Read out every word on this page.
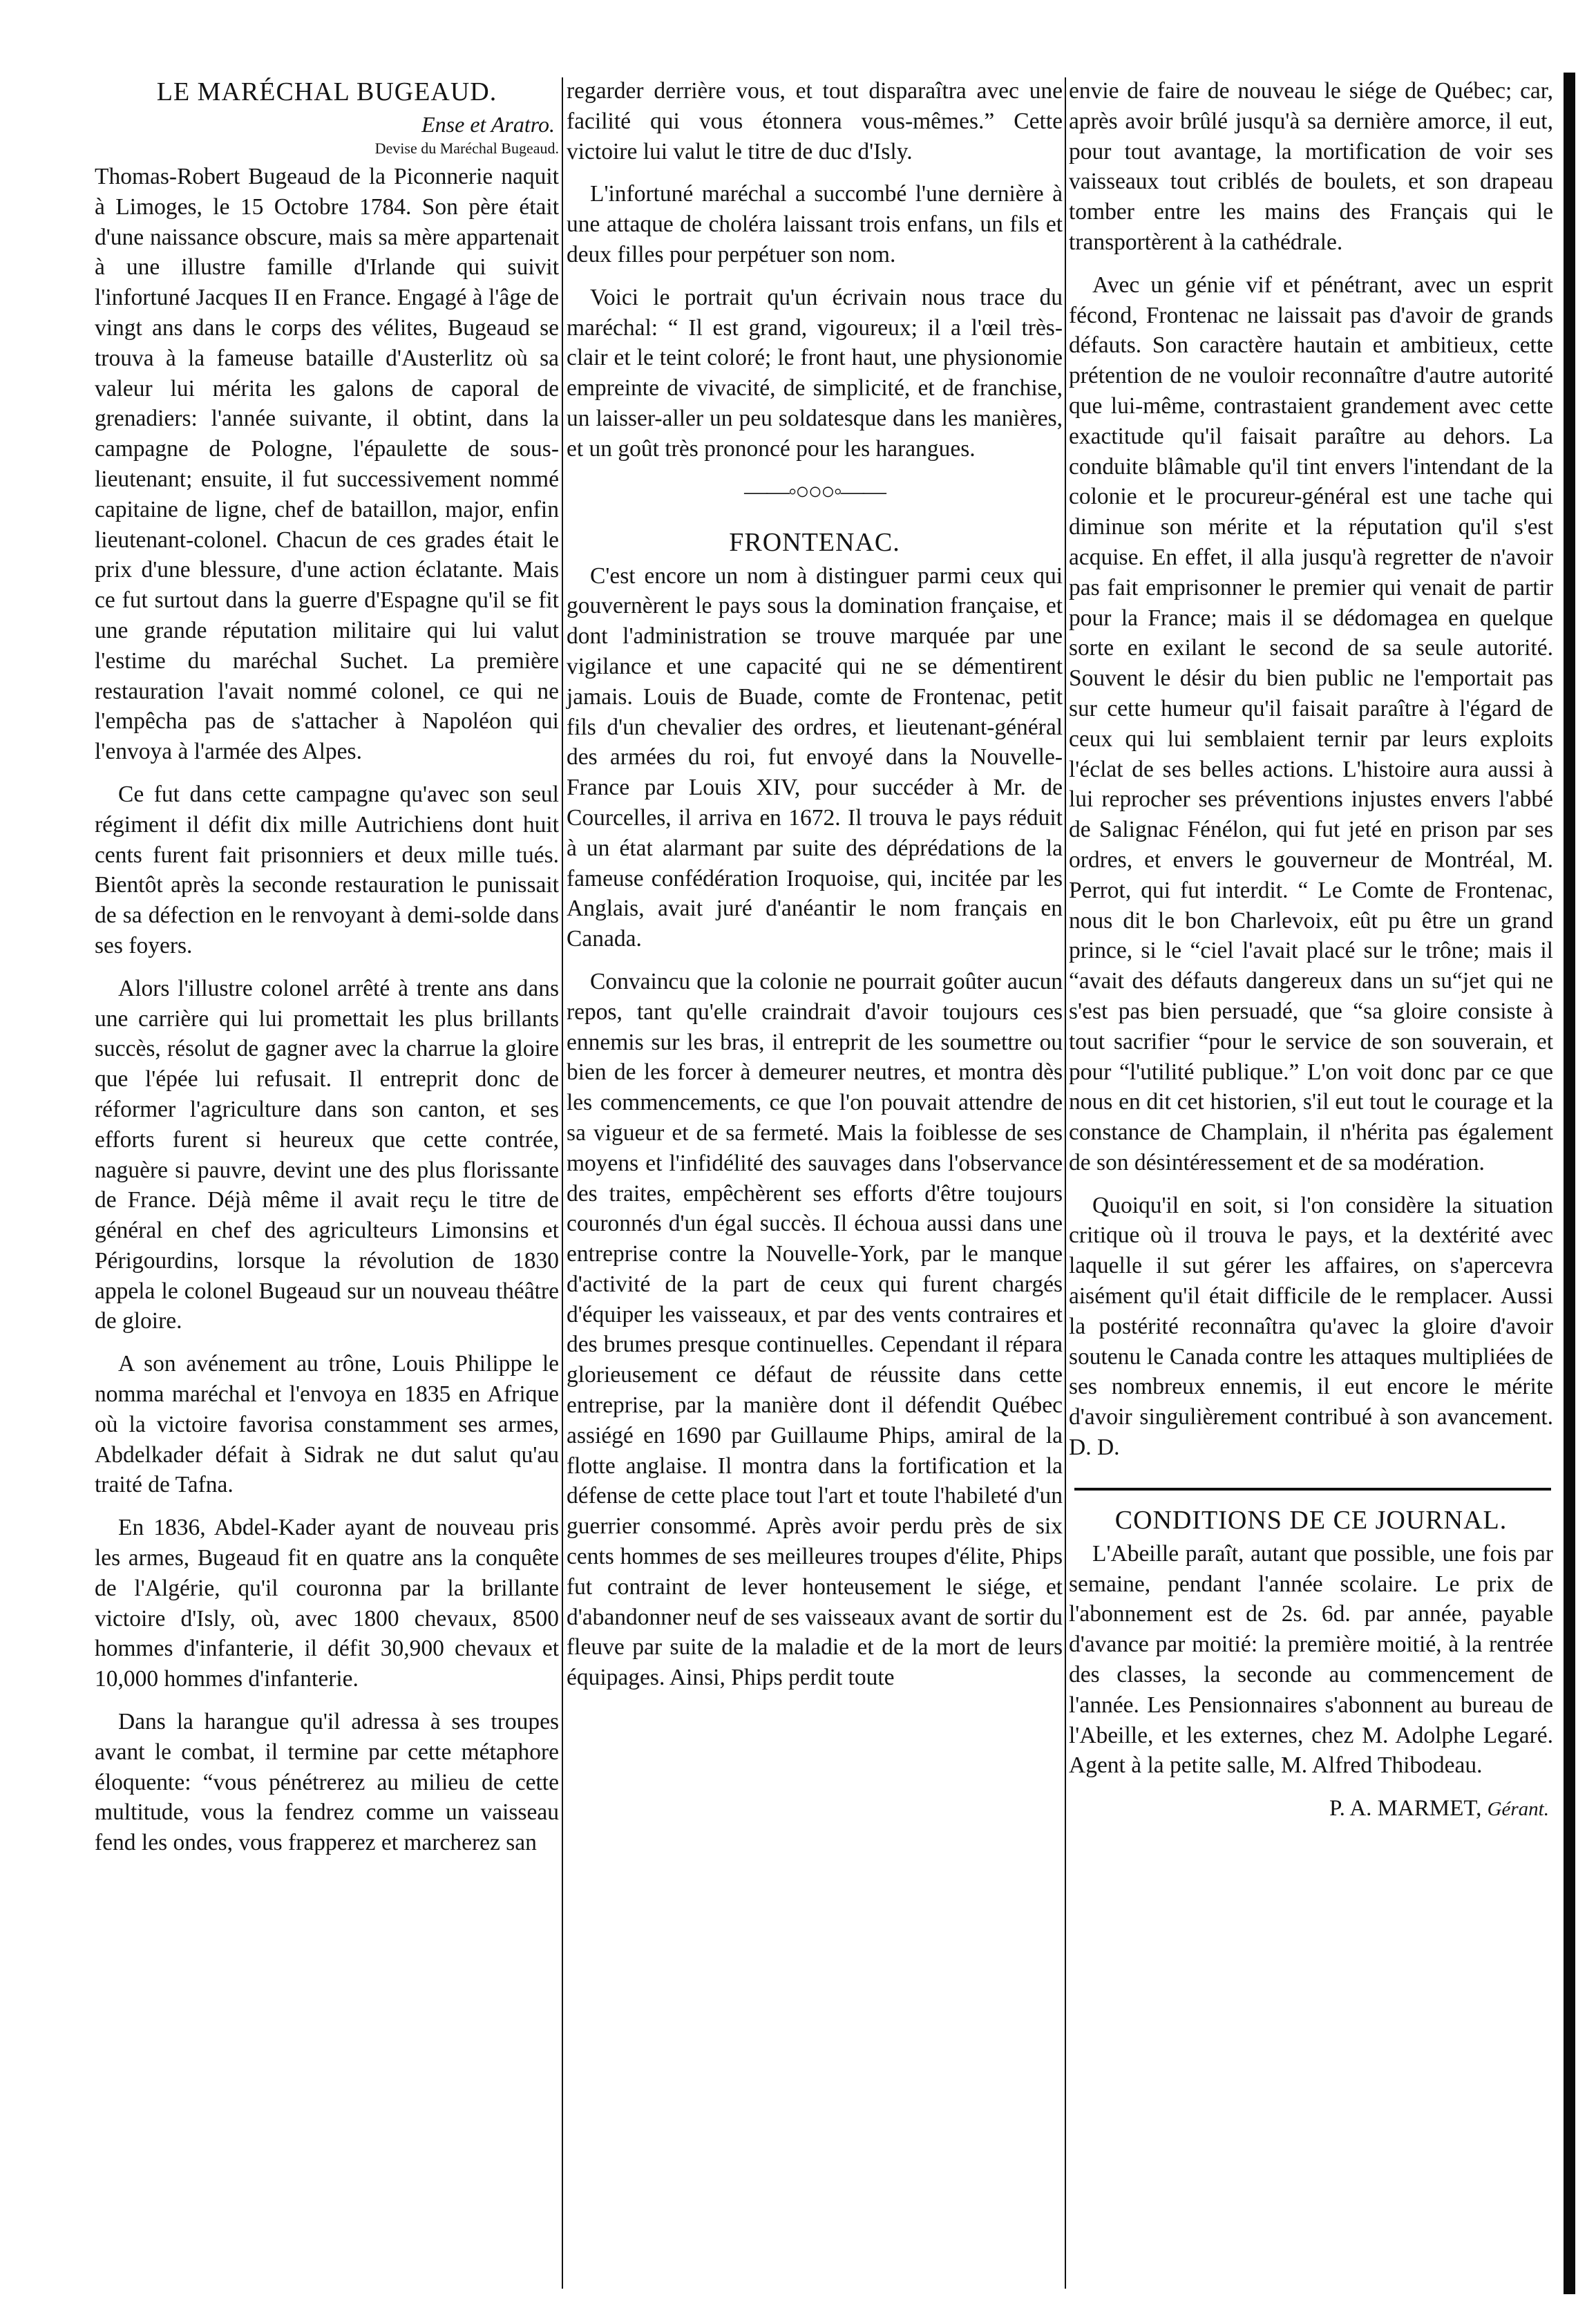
LE MARÉCHAL BUGEAUD.
Ense et Aratro.
Devise du Maréchal Bugeaud.

Thomas-Robert Bugeaud de la Piconnerie naquit à Limoges, le 15 Octobre 1784. Son père était d'une naissance obscure, mais sa mère appartenait à une illustre famille d'Irlande qui suivit l'infortuné Jacques II en France. Engagé à l'âge de vingt ans dans le corps des vélites, Bugeaud se trouva à la fameuse bataille d'Austerlitz où sa valeur lui mérita les galons de caporal de grenadiers: l'année suivante, il obtint, dans la campagne de Pologne, l'épaulette de sous-lieutenant; ensuite, il fut successivement nommé capitaine de ligne, chef de bataillon, major, enfin lieutenant-colonel. Chacun de ces grades était le prix d'une blessure, d'une action éclatante. Mais ce fut surtout dans la guerre d'Espagne qu'il se fit une grande réputation militaire qui lui valut l'estime du maréchal Suchet. La première restauration l'avait nommé colonel, ce qui ne l'empêcha pas de s'attacher à Napoléon qui l'envoya à l'armée des Alpes.

Ce fut dans cette campagne qu'avec son seul régiment il défit dix mille Autrichiens dont huit cents furent fait prisonniers et deux mille tués. Bientôt après la seconde restauration le punissait de sa défection en le renvoyant à demi-solde dans ses foyers.

Alors l'illustre colonel arrêté à trente ans dans une carrière qui lui promettait les plus brillants succès, résolut de gagner avec la charrue la gloire que l'épée lui refusait. Il entreprit donc de réformer l'agriculture dans son canton, et ses efforts furent si heureux que cette contrée, naguère si pauvre, devint une des plus florissante de France. Déjà même il avait reçu le titre de général en chef des agriculteurs Limonsins et Périgourdins, lorsque la révolution de 1830 appela le colonel Bugeaud sur un nouveau théâtre de gloire.

A son avénement au trône, Louis Philippe le nomma maréchal et l'envoya en 1835 en Afrique où la victoire favorisa constamment ses armes, Abdelkader défait à Sidrak ne dut salut qu'au traité de Tafna.

En 1836, Abdel-Kader ayant de nouveau pris les armes, Bugeaud fit en quatre ans la conquête de l'Algérie, qu'il couronna par la brillante victoire d'Isly, où, avec 1800 chevaux, 8500 hommes d'infanterie, il défit 30,900 chevaux et 10,000 hommes d'infanterie.

Dans la harangue qu'il adressa à ses troupes avant le combat, il termine par cette métaphore éloquente: “vous pénétrerez au milieu de cette multitude, vous la fendrez comme un vaisseau fend les ondes, vous frapperez et marcherez san

regarder derrière vous, et tout disparaîtra avec une facilité qui vous étonnera vous-mêmes.” Cette victoire lui valut le titre de duc d'Isly.

L'infortuné maréchal a succombé l'une dernière à une attaque de choléra laissant trois enfans, un fils et deux filles pour perpétuer son nom.

Voici le portrait qu'un écrivain nous trace du maréchal: “ Il est grand, vigoureux; il a l'œil très-clair et le teint coloré; le front haut, une physionomie empreinte de vivacité, de simplicité, et de franchise, un laisser-aller un peu soldatesque dans les manières, et un goût très prononcé pour les harangues.

——◦○○○◦——
FRONTENAC.

C'est encore un nom à distinguer parmi ceux qui gouvernèrent le pays sous la domination française, et dont l'administration se trouve marquée par une vigilance et une capacité qui ne se démentirent jamais. Louis de Buade, comte de Frontenac, petit fils d'un chevalier des ordres, et lieutenant-général des armées du roi, fut envoyé dans la Nouvelle-France par Louis XIV, pour succéder à Mr. de Courcelles, il arriva en 1672. Il trouva le pays réduit à un état alarmant par suite des déprédations de la fameuse confédération Iroquoise, qui, incitée par les Anglais, avait juré d'anéantir le nom français en Canada.

Convaincu que la colonie ne pourrait goûter aucun repos, tant qu'elle craindrait d'avoir toujours ces ennemis sur les bras, il entreprit de les soumettre ou bien de les forcer à demeurer neutres, et montra dès les commencements, ce que l'on pouvait attendre de sa vigueur et de sa fermeté. Mais la foiblesse de ses moyens et l'infidélité des sauvages dans l'observance des traites, empêchèrent ses efforts d'être toujours couronnés d'un égal succès. Il échoua aussi dans une entreprise contre la Nouvelle-York, par le manque d'activité de la part de ceux qui furent chargés d'équiper les vaisseaux, et par des vents contraires et des brumes presque continuelles. Cependant il répara glorieusement ce défaut de réussite dans cette entreprise, par la manière dont il défendit Québec assiégé en 1690 par Guillaume Phips, amiral de la flotte anglaise. Il montra dans la fortification et la défense de cette place tout l'art et toute l'habileté d'un guerrier consommé. Après avoir perdu près de six cents hommes de ses meilleures troupes d'élite, Phips fut contraint de lever honteusement le siége, et d'abandonner neuf de ses vaisseaux avant de sortir du fleuve par suite de la maladie et de la mort de leurs équipages. Ainsi, Phips perdit toute

envie de faire de nouveau le siége de Québec; car, après avoir brûlé jusqu'à sa dernière amorce, il eut, pour tout avantage, la mortification de voir ses vaisseaux tout criblés de boulets, et son drapeau tomber entre les mains des Français qui le transportèrent à la cathédrale.

Avec un génie vif et pénétrant, avec un esprit fécond, Frontenac ne laissait pas d'avoir de grands défauts. Son caractère hautain et ambitieux, cette prétention de ne vouloir reconnaître d'autre autorité que lui-même, contrastaient grandement avec cette exactitude qu'il faisait paraître au dehors. La conduite blâmable qu'il tint envers l'intendant de la colonie et le procureur-général est une tache qui diminue son mérite et la réputation qu'il s'est acquise. En effet, il alla jusqu'à regretter de n'avoir pas fait emprisonner le premier qui venait de partir pour la France; mais il se dédomagea en quelque sorte en exilant le second de sa seule autorité. Souvent le désir du bien public ne l'emportait pas sur cette humeur qu'il faisait paraître à l'égard de ceux qui lui semblaient ternir par leurs exploits l'éclat de ses belles actions. L'histoire aura aussi à lui reprocher ses préventions injustes envers l'abbé de Salignac Fénélon, qui fut jeté en prison par ses ordres, et envers le gouverneur de Montréal, M. Perrot, qui fut interdit. “ Le Comte de Frontenac, nous dit le bon Charlevoix, eût pu être un grand prince, si le “ciel l'avait placé sur le trône; mais il “avait des défauts dangereux dans un su“jet qui ne s'est pas bien persuadé, que “sa gloire consiste à tout sacrifier “pour le service de son souverain, et pour “l'utilité publique.” L'on voit donc par ce que nous en dit cet historien, s'il eut tout le courage et la constance de Champlain, il n'hérita pas également de son désintéressement et de sa modération.

Quoiqu'il en soit, si l'on considère la situation critique où il trouva le pays, et la dextérité avec laquelle il sut gérer les affaires, on s'apercevra aisément qu'il était difficile de le remplacer. Aussi la postérité reconnaîtra qu'avec la gloire d'avoir soutenu le Canada contre les attaques multipliées de ses nombreux ennemis, il eut encore le mérite d'avoir singulièrement contribué à son avancement. D. D.

CONDITIONS DE CE JOURNAL.

L'Abeille paraît, autant que possible, une fois par semaine, pendant l'année scolaire. Le prix de l'abonnement est de 2s. 6d. par année, payable d'avance par moitié: la première moitié, à la rentrée des classes, la seconde au commencement de l'année. Les Pensionnaires s'abonnent au bureau de l'Abeille, et les externes, chez M. Adolphe Legaré. Agent à la petite salle, M. Alfred Thibodeau.

P. A. MARMET, Gérant.
